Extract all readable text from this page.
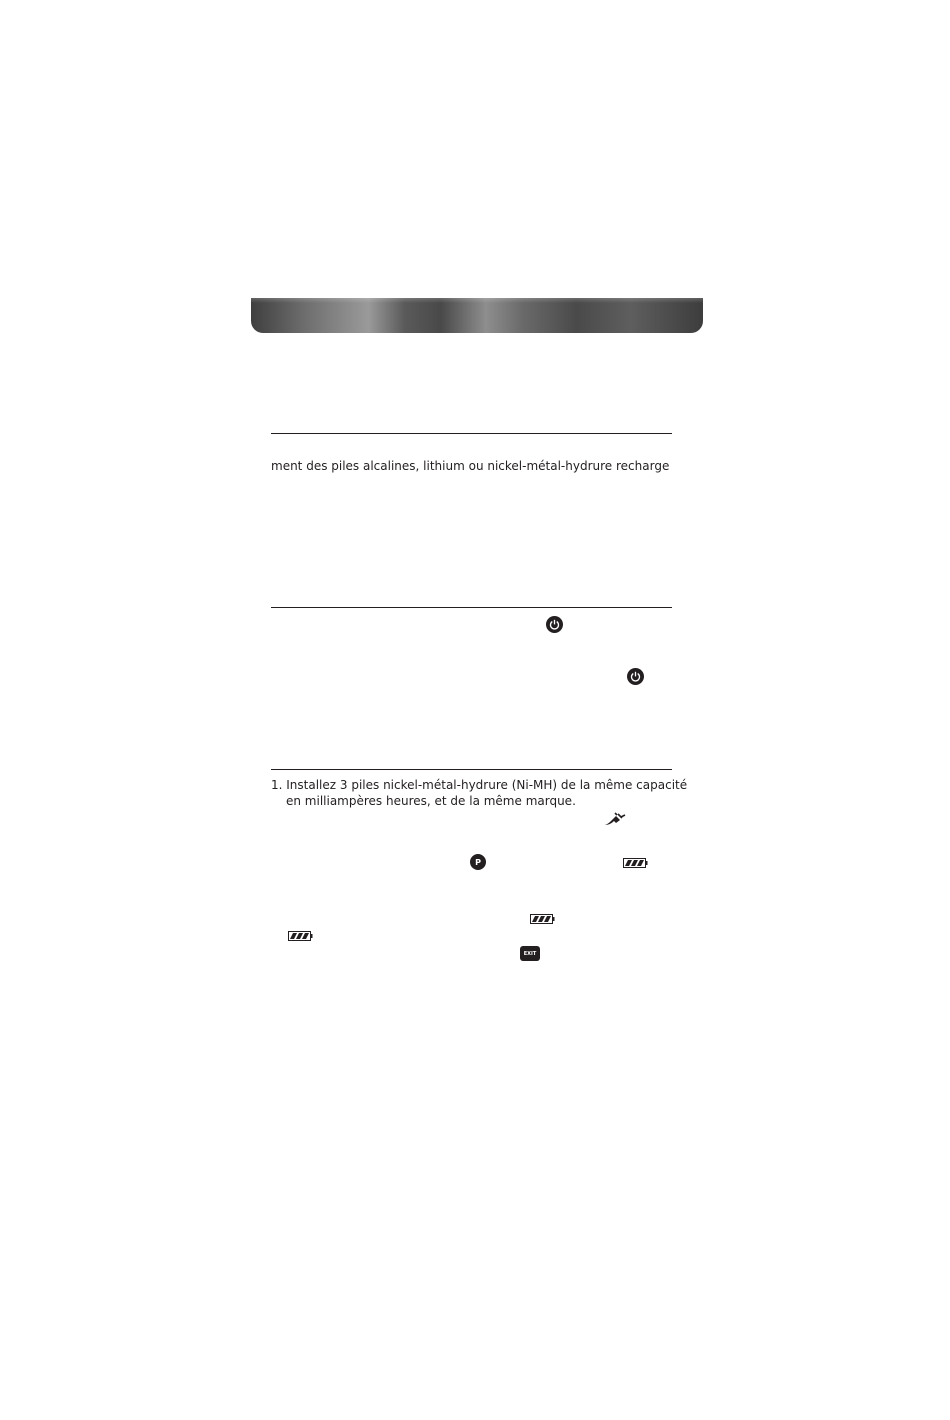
ment des piles alcalines, lithium ou nickel-métal-hydrure recharge
1. Installez 3 piles nickel-métal-hydrure (Ni-MH) de la même capacité
en milliampères heures, et de la même marque.
P
EXIT
